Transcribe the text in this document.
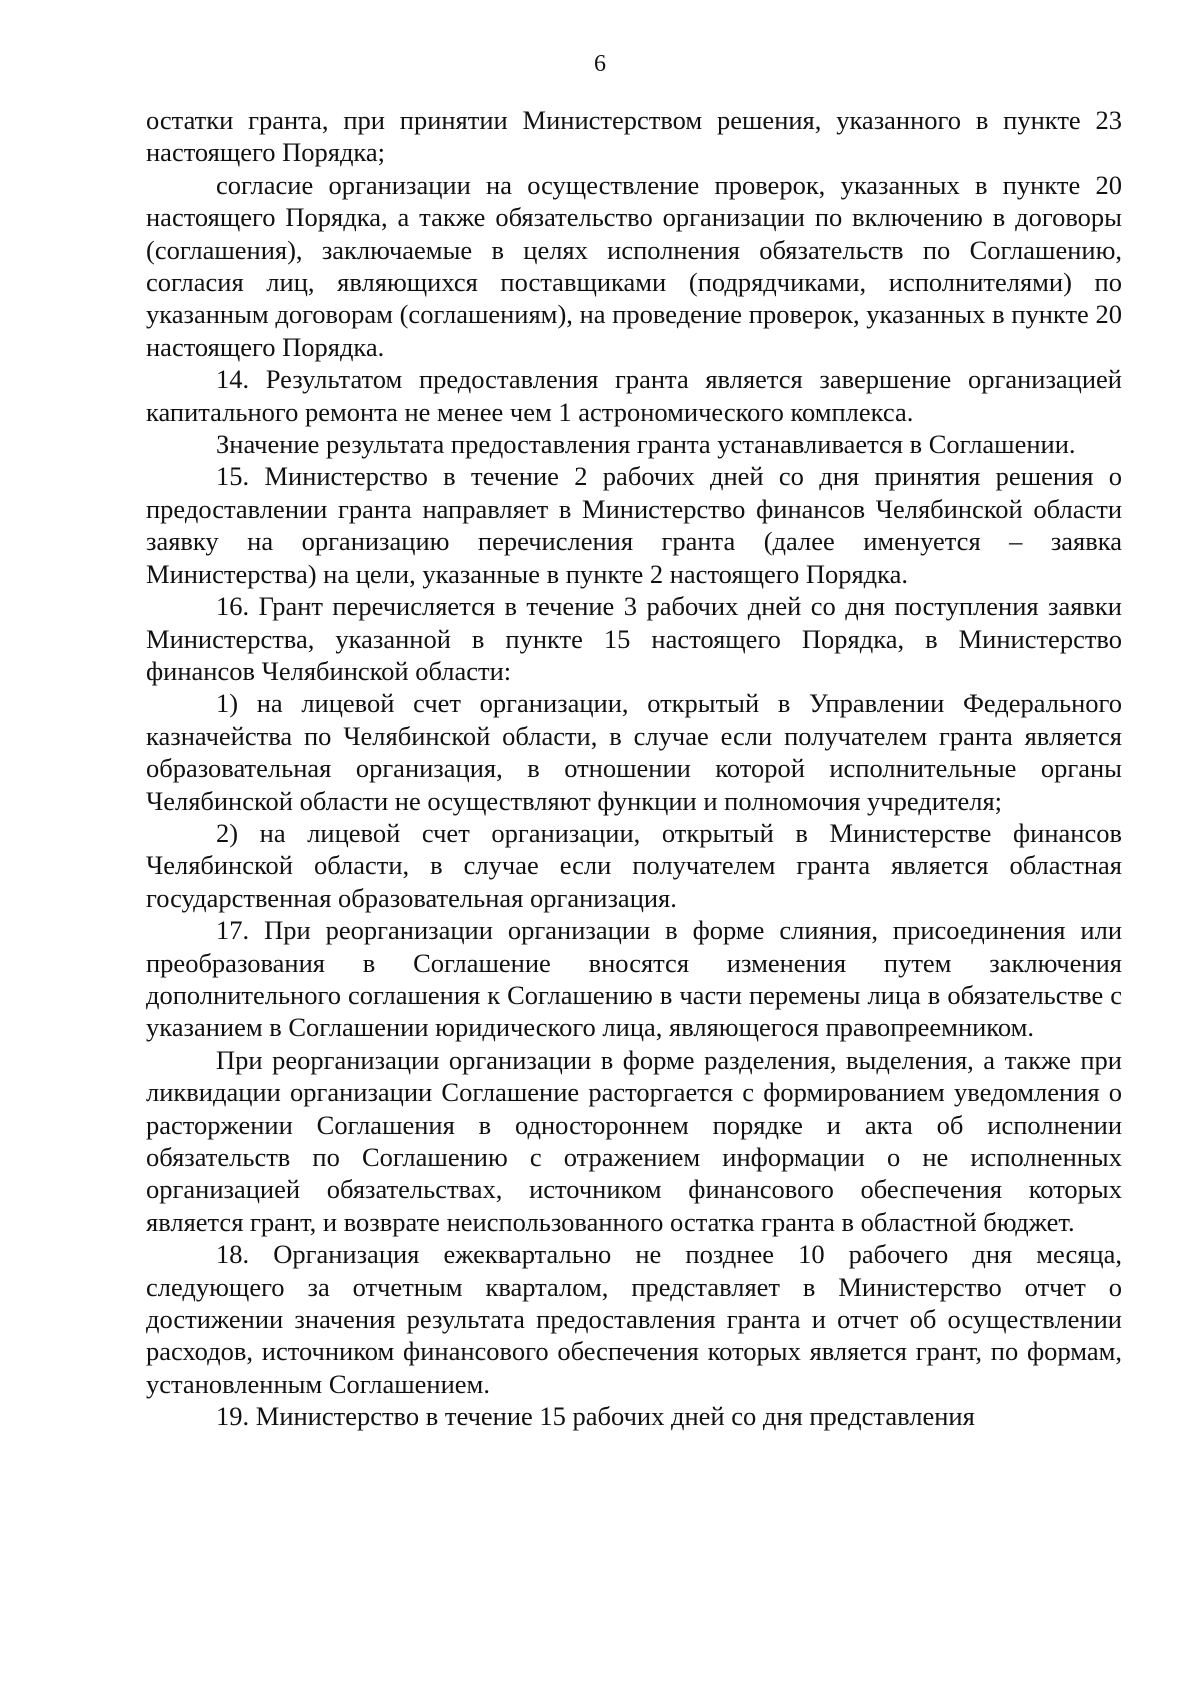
6

остатки гранта, при принятии Министерством решения, указанного в пункте 23 настоящего Порядка;

согласие организации на осуществление проверок, указанных в пункте 20 настоящего Порядка, а также обязательство организации по включению в договоры (соглашения), заключаемые в целях исполнения обязательств по Соглашению, согласия лиц, являющихся поставщиками (подрядчиками, исполнителями) по указанным договорам (соглашениям), на проведение проверок, указанных в пункте 20 настоящего Порядка.

14. Результатом предоставления гранта является завершение организацией капитального ремонта не менее чем 1 астрономического комплекса.

Значение результата предоставления гранта устанавливается в Соглашении.

15. Министерство в течение 2 рабочих дней со дня принятия решения о предоставлении гранта направляет в Министерство финансов Челябинской области заявку на организацию перечисления гранта (далее именуется – заявка Министерства) на цели, указанные в пункте 2 настоящего Порядка.

16. Грант перечисляется в течение 3 рабочих дней со дня поступления заявки Министерства, указанной в пункте 15 настоящего Порядка, в Министерство финансов Челябинской области:

1) на лицевой счет организации, открытый в Управлении Федерального казначейства по Челябинской области, в случае если получателем гранта является образовательная организация, в отношении которой исполнительные органы Челябинской области не осуществляют функции и полномочия учредителя;

2) на лицевой счет организации, открытый в Министерстве финансов Челябинской области, в случае если получателем гранта является областная государственная образовательная организация.

17. При реорганизации организации в форме слияния, присоединения или преобразования в Соглашение вносятся изменения путем заключения дополнительного соглашения к Соглашению в части перемены лица в обязательстве с указанием в Соглашении юридического лица, являющегося правопреемником.

При реорганизации организации в форме разделения, выделения, а также при ликвидации организации Соглашение расторгается с формированием уведомления о расторжении Соглашения в одностороннем порядке и акта об исполнении обязательств по Соглашению с отражением информации о не исполненных организацией обязательствах, источником финансового обеспечения которых является грант, и возврате неиспользованного остатка гранта в областной бюджет.

18. Организация ежеквартально не позднее 10 рабочего дня месяца, следующего за отчетным кварталом, представляет в Министерство отчет о достижении значения результата предоставления гранта и отчет об осуществлении расходов, источником финансового обеспечения которых является грант, по формам, установленным Соглашением.

19. Министерство в течение 15 рабочих дней со дня представления
